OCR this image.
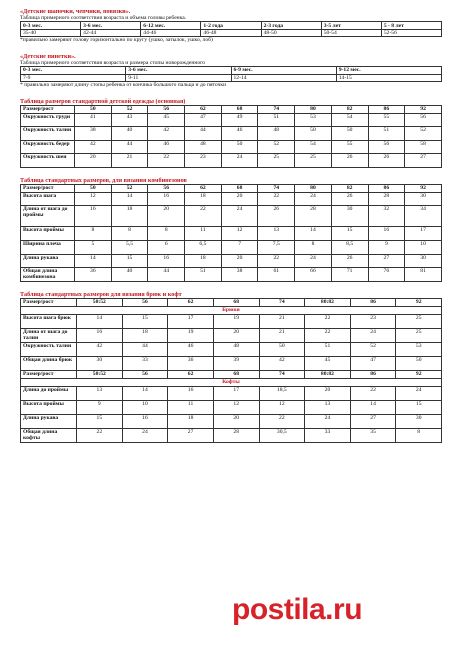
«Детские шапочки, чепчики, повязки».

Таблица примерного соответствия возраста и объема головы ребенка.

0-3 мес.	3-6 мес.	6-12 мес.	1-2 года	2-3 года	3-5 лет	5 - 8 лет
35-40	42-44	44-46	46-48	48-50	50-54	52-56

*правильно замеряют голову горизонтально по кругу (ушко, затылок, ушко, лоб)

«Детские пинетки».

Таблица примерного соответствия возраста и размера стопы новорожденного

0-3 мес.	3-6 мес.	6-9 мес.	9-12 мес.
7-9	9-11	12-14	14-15

* правильно замеряют длину стопы ребенка от кончика большого пальца и до пяточки

Таблица размеров стандартной детской одежды (основная)

Размер/рост	50	52	56	62	68	74	80	82	86	92
Окружность груди	41	43	45	47	49	51	53	54	55	56
Окружность талии	38	40	42	44	46	48	50	50	51	52
Окружность бедер	42	44	46	48	50	52	54	55	56	58
Окружность шеи	20	21	22	23	24	25	25	26	26	27

Таблица стандартных размеров, для вязания комбинезонов

Размер/рост	50	52	56	62	68	74	80	82	86	92
Высота шага	12	14	16	18	20	22	24	26	28	30
Длина от шага до проймы	16	18	20	22	24	26	28	30	32	34
Высота проймы	8	8	8	11	12	13	14	15	16	17
Ширина плеча	5	5,5	6	6,5	7	7,5	8	8,5	9	10
Длина рукава	14	15	16	18	20	22	24	26	27	30
Общая длина комбинезона	36	40	44	51	38	61	66	71	76	81

Таблица стандартных размеров для вязания брюк и кофт

Размер/рост	50:52	56	62	68	74	80:82	86	92
Брюки								
Высота шага брюк	14	15	17	19	21	22	23	25
Длина от шага до талии	16	18	19	20	21	22	24	25
Окружность талии	42	44	46	48	50	51	52	53
Общая длина брюк	30	33	36	39	42	45	47	50
Размер/рост	50:52	56	62	68	74	80:82	86	92
Кофты								
Длина до проймы	13	14	16	17	18,5	20	22	24
Высота проймы	9	10	11	12	12	13	14	15
Длина рукава	15	16	18	20	22	24	27	30
Общая длина кофты	22	24	27	28	30,5	33	35	8
postila.ru
